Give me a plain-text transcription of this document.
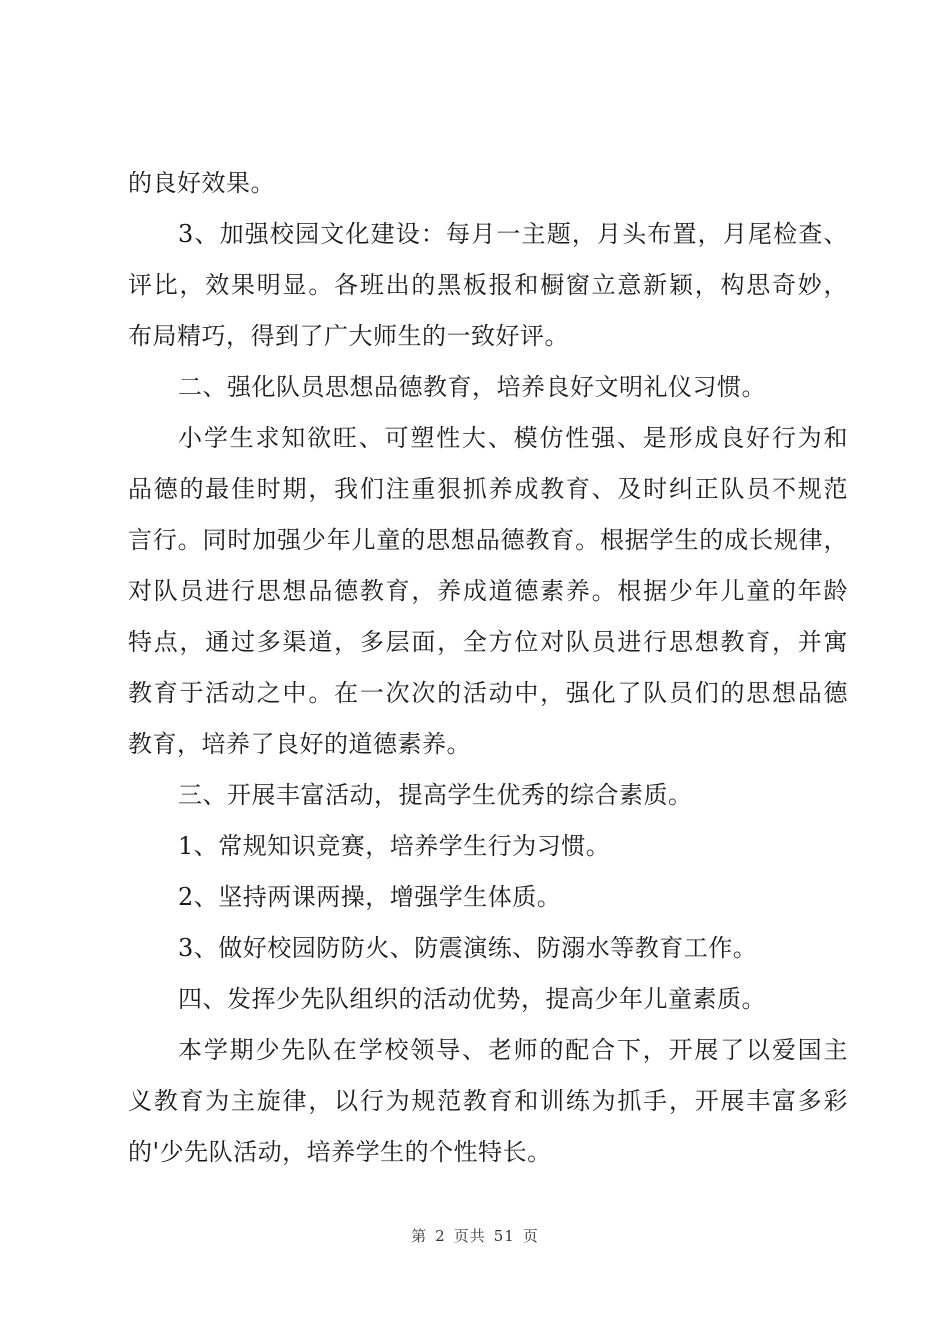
的良好效果。
3、加强校园文化建设：每月一主题，月头布置，月尾检查、
评比，效果明显。各班出的黑板报和橱窗立意新颖，构思奇妙，
布局精巧，得到了广大师生的一致好评。
二、强化队员思想品德教育，培养良好文明礼仪习惯。
小学生求知欲旺、可塑性大、模仿性强、是形成良好行为和
品德的最佳时期，我们注重狠抓养成教育、及时纠正队员不规范
言行。同时加强少年儿童的思想品德教育。根据学生的成长规律，
对队员进行思想品德教育，养成道德素养。根据少年儿童的年龄
特点，通过多渠道，多层面，全方位对队员进行思想教育，并寓
教育于活动之中。在一次次的活动中，强化了队员们的思想品德
教育，培养了良好的道德素养。
三、开展丰富活动，提高学生优秀的综合素质。
1、常规知识竞赛，培养学生行为习惯。
2、坚持两课两操，增强学生体质。
3、做好校园防防火、防震演练、防溺水等教育工作。
四、发挥少先队组织的活动优势，提高少年儿童素质。
本学期少先队在学校领导、老师的配合下，开展了以爱国主
义教育为主旋律，以行为规范教育和训练为抓手，开展丰富多彩
的'少先队活动，培养学生的个性特长。
第 2 页共 51 页
